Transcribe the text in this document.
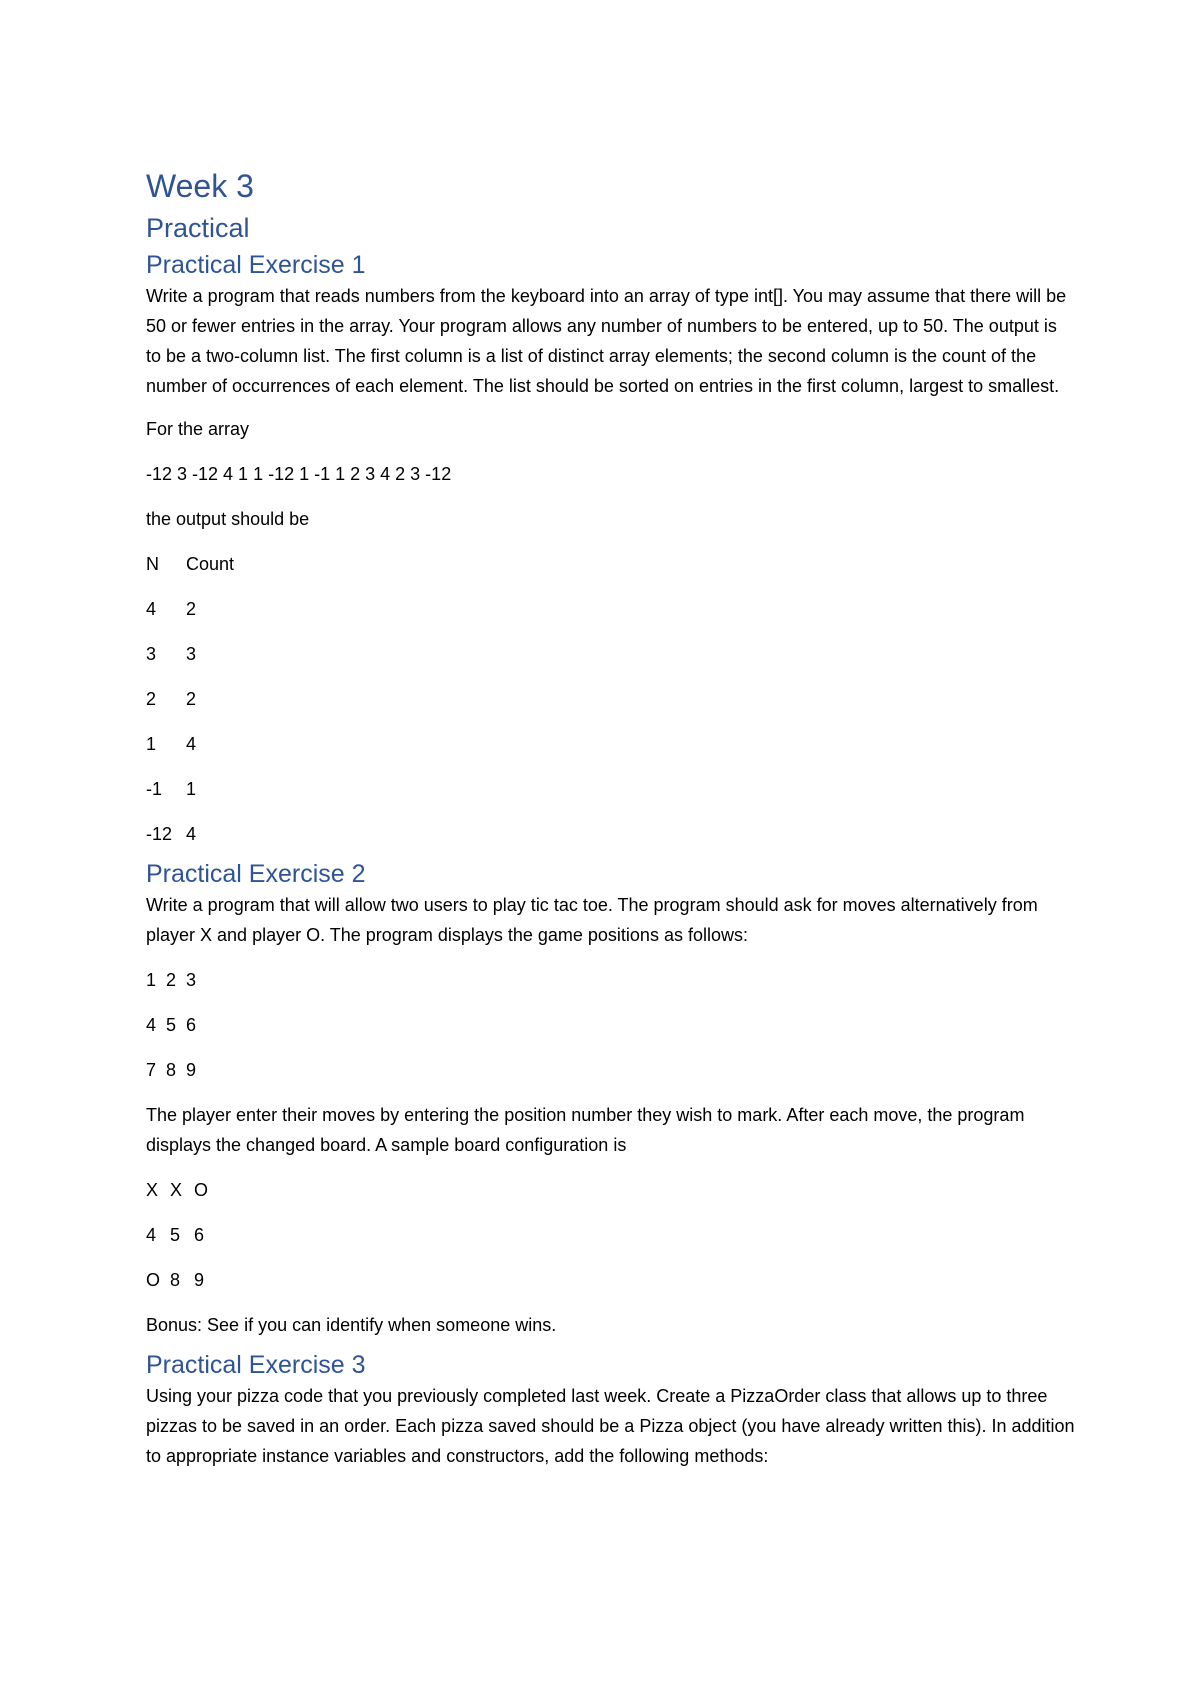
Week 3
Practical
Practical Exercise 1

Write a program that reads numbers from the keyboard into an array of type int[]. You may assume that there will be 50 or fewer entries in the array. Your program allows any number of numbers to be entered, up to 50. The output is to be a two-column list. The first column is a list of distinct array elements; the second column is the count of the number of occurrences of each element. The list should be sorted on entries in the first column, largest to smallest.

For the array
-12 3 -12 4 1 1 -12 1 -1 1 2 3 4 2 3 -12
the output should be
N	Count
4	2
3	3
2	2
1	4
-1	1
-12 4
Practical Exercise 2

Write a program that will allow two users to play tic tac toe. The program should ask for moves alternatively from player X and player O. The program displays the game positions as follows:

1 2 3
4 5 6
7 8 9

The player enter their moves by entering the position number they wish to mark. After each move, the program displays the changed board. A sample board configuration is

X X O
4 5 6
O 8 9
Bonus: See if you can identify when someone wins.
Practical Exercise 3

Using your pizza code that you previously completed last week. Create a PizzaOrder class that allows up to three pizzas to be saved in an order. Each pizza saved should be a Pizza object (you have already written this). In addition to appropriate instance variables and constructors, add the following methods:
